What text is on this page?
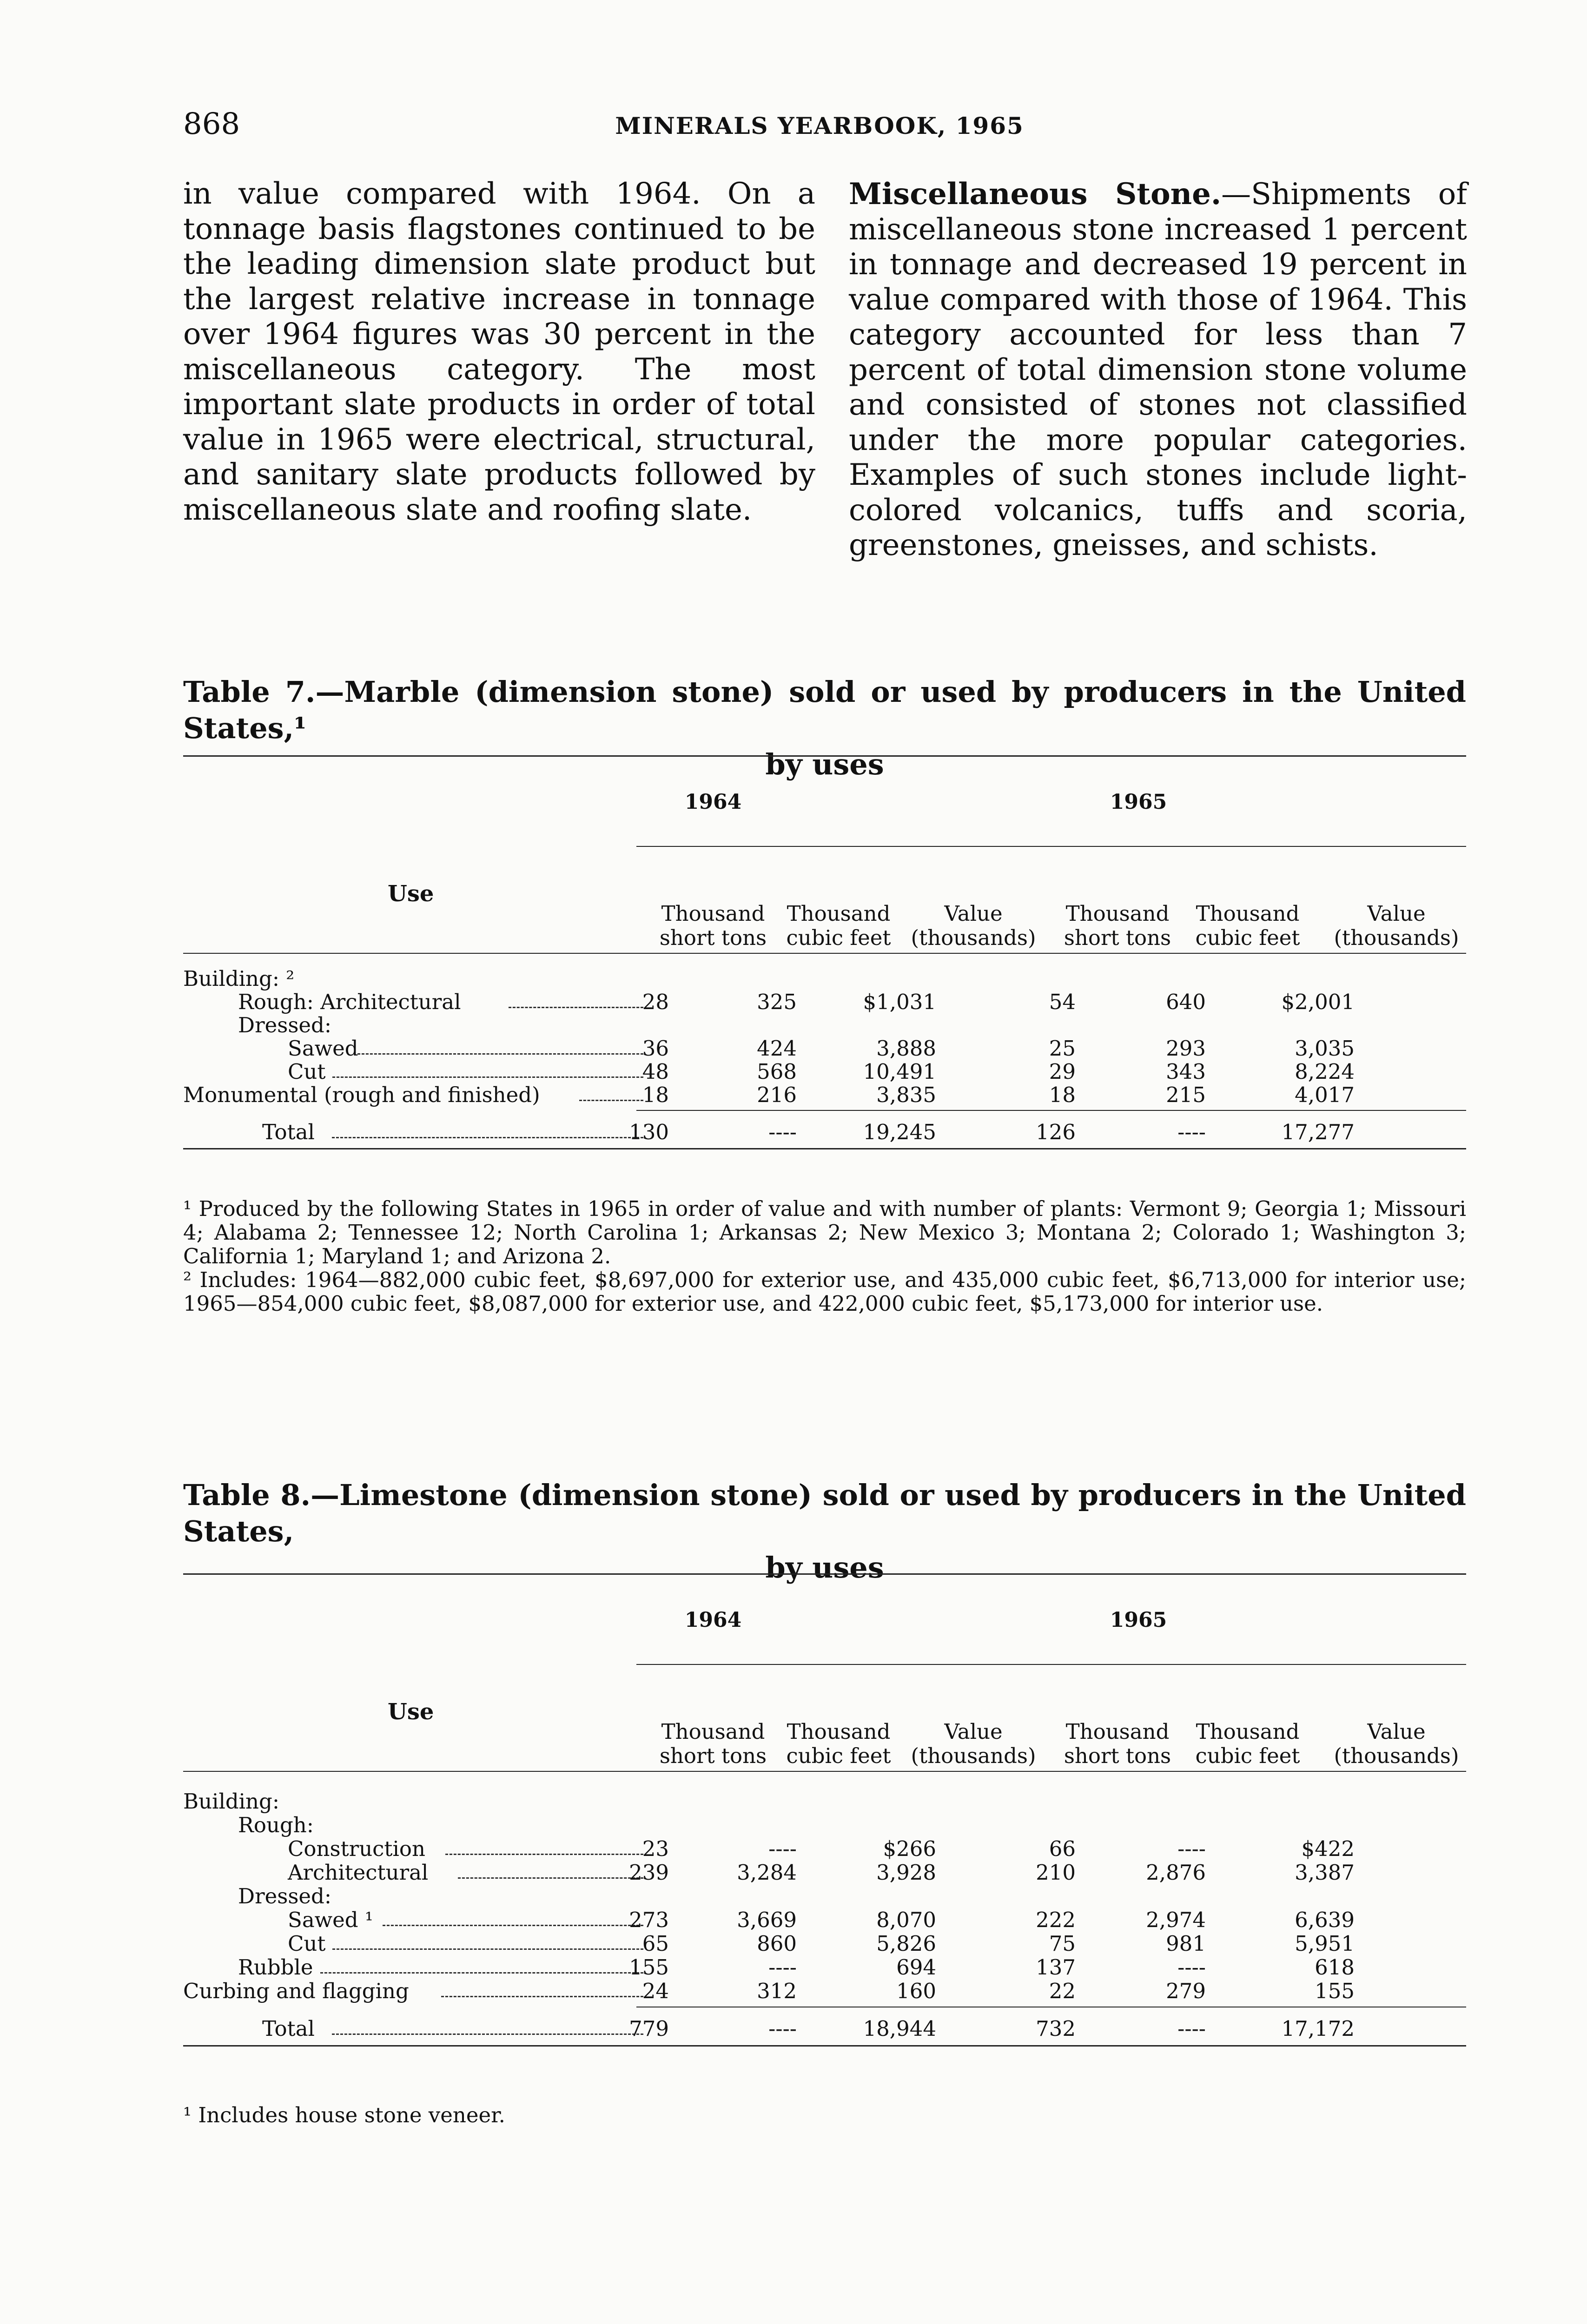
868	MINERALS YEARBOOK, 1965
in value compared with 1964. On a tonnage basis flagstones continued to be the leading dimension slate product but the largest relative increase in tonnage over 1964 figures was 30 percent in the miscellaneous category. The most important slate products in order of total value in 1965 were electrical, structural, and sanitary slate products followed by miscellaneous slate and roofing slate.
Miscellaneous Stone.—Shipments of miscellaneous stone increased 1 percent in tonnage and decreased 19 percent in value compared with those of 1964. This category accounted for less than 7 percent of total dimension stone volume and consisted of stones not classified under the more popular categories. Examples of such stones include light-colored volcanics, tuffs and scoria, greenstones, gneisses, and schists.
Table 7.—Marble (dimension stone) sold or used by producers in the United States,¹
by uses
1964	1965
Use
Thousand
short tons
Thousand
cubic feet
Value
(thousands)
Thousand
short tons
Thousand
cubic feet
Value
(thousands)
Building: ²
Rough: Architectural	28	325	$1,031	54	640	$2,001
Dressed:
Sawed	36	424	3,888	25	293	3,035
Cut	48	568	10,491	29	343	8,224
Monumental (rough and finished)	18	216	3,835	18	215	4,017
Total	130	----	19,245	126	----	17,277

¹ Produced by the following States in 1965 in order of value and with number of plants: Vermont 9; Georgia 1; Missouri 4; Alabama 2; Tennessee 12; North Carolina 1; Arkansas 2; New Mexico 3; Montana 2; Colorado 1; Washington 3; California 1; Maryland 1; and Arizona 2.

² Includes: 1964—882,000 cubic feet, $8,697,000 for exterior use, and 435,000 cubic feet, $6,713,000 for interior use; 1965—854,000 cubic feet, $8,087,000 for exterior use, and 422,000 cubic feet, $5,173,000 for interior use.

Table 8.—Limestone (dimension stone) sold or used by producers in the United States,
by uses
1964	1965
Use
Thousand
short tons
Thousand
cubic feet
Value
(thousands)
Thousand
short tons
Thousand
cubic feet
Value
(thousands)
Building:
Rough:
Construction	23	----	$266	66	----	$422
Architectural	239	3,284	3,928	210	2,876	3,387
Dressed:
Sawed ¹	273	3,669	8,070	222	2,974	6,639
Cut	65	860	5,826	75	981	5,951
Rubble	155	----	694	137	----	618
Curbing and flagging	24	312	160	22	279	155
Total	779	----	18,944	732	----	17,172

¹ Includes house stone veneer.
